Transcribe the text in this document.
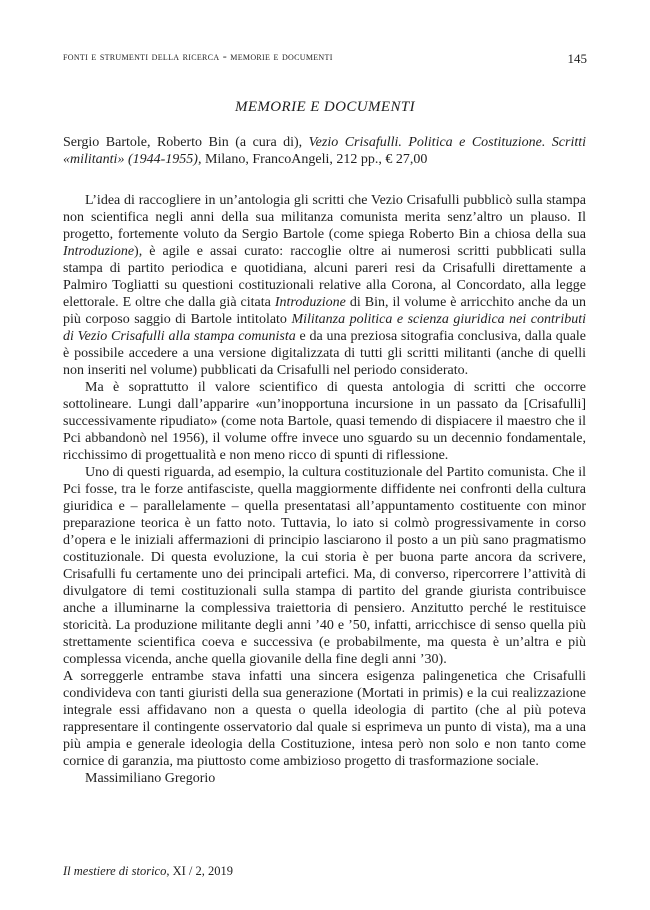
fonti e strumenti della ricerca - memorie e documenti	145
MEMORIE E DOCUMENTI
Sergio Bartole, Roberto Bin (a cura di), Vezio Crisafulli. Politica e Costituzione. Scritti «militanti» (1944-1955), Milano, FrancoAngeli, 212 pp., € 27,00

L’idea di raccogliere in un’antologia gli scritti che Vezio Crisafulli pubblicò sulla stampa non scientifica negli anni della sua militanza comunista merita senz’altro un plauso. Il progetto, fortemente voluto da Sergio Bartole (come spiega Roberto Bin a chiosa della sua Introduzione), è agile e assai curato: raccoglie oltre ai numerosi scritti pubblicati sulla stampa di partito periodica e quotidiana, alcuni pareri resi da Crisafulli direttamente a Palmiro Togliatti su questioni costituzionali relative alla Corona, al Concordato, alla legge elettorale. E oltre che dalla già citata Introduzione di Bin, il volume è arricchito anche da un più corposo saggio di Bartole intitolato Militanza politica e scienza giuridica nei contributi di Vezio Crisafulli alla stampa comunista e da una preziosa sitografia conclusiva, dalla quale è possibile accedere a una versione digitalizzata di tutti gli scritti militanti (anche di quelli non inseriti nel volume) pubblicati da Crisafulli nel periodo considerato.

Ma è soprattutto il valore scientifico di questa antologia di scritti che occorre sottolineare. Lungi dall’apparire «un’inopportuna incursione in un passato da [Crisafulli] successivamente ripudiato» (come nota Bartole, quasi temendo di dispiacere il maestro che il Pci abbandonò nel 1956), il volume offre invece uno sguardo su un decennio fondamentale, ricchissimo di progettualità e non meno ricco di spunti di riflessione.

Uno di questi riguarda, ad esempio, la cultura costituzionale del Partito comunista. Che il Pci fosse, tra le forze antifasciste, quella maggiormente diffidente nei confronti della cultura giuridica e – parallelamente – quella presentatasi all’appuntamento costituente con minor preparazione teorica è un fatto noto. Tuttavia, lo iato si colmò progressivamente in corso d’opera e le iniziali affermazioni di principio lasciarono il posto a un più sano pragmatismo costituzionale. Di questa evoluzione, la cui storia è per buona parte ancora da scrivere, Crisafulli fu certamente uno dei principali artefici. Ma, di converso, ripercorrere l’attività di divulgatore di temi costituzionali sulla stampa di partito del grande giurista contribuisce anche a illuminarne la complessiva traiettoria di pensiero. Anzitutto perché le restituisce storicità. La produzione militante degli anni ’40 e ’50, infatti, arricchisce di senso quella più strettamente scientifica coeva e successiva (e probabilmente, ma questa è un’altra e più complessa vicenda, anche quella giovanile della fine degli anni ’30).

A sorreggerle entrambe stava infatti una sincera esigenza palingenetica che Crisafulli condivideva con tanti giuristi della sua generazione (Mortati in primis) e la cui realizzazione integrale essi affidavano non a questa o quella ideologia di partito (che al più poteva rappresentare il contingente osservatorio dal quale si esprimeva un punto di vista), ma a una più ampia e generale ideologia della Costituzione, intesa però non solo e non tanto come cornice di garanzia, ma piuttosto come ambizioso progetto di trasformazione sociale.

Massimiliano Gregorio

Il mestiere di storico, XI / 2, 2019
